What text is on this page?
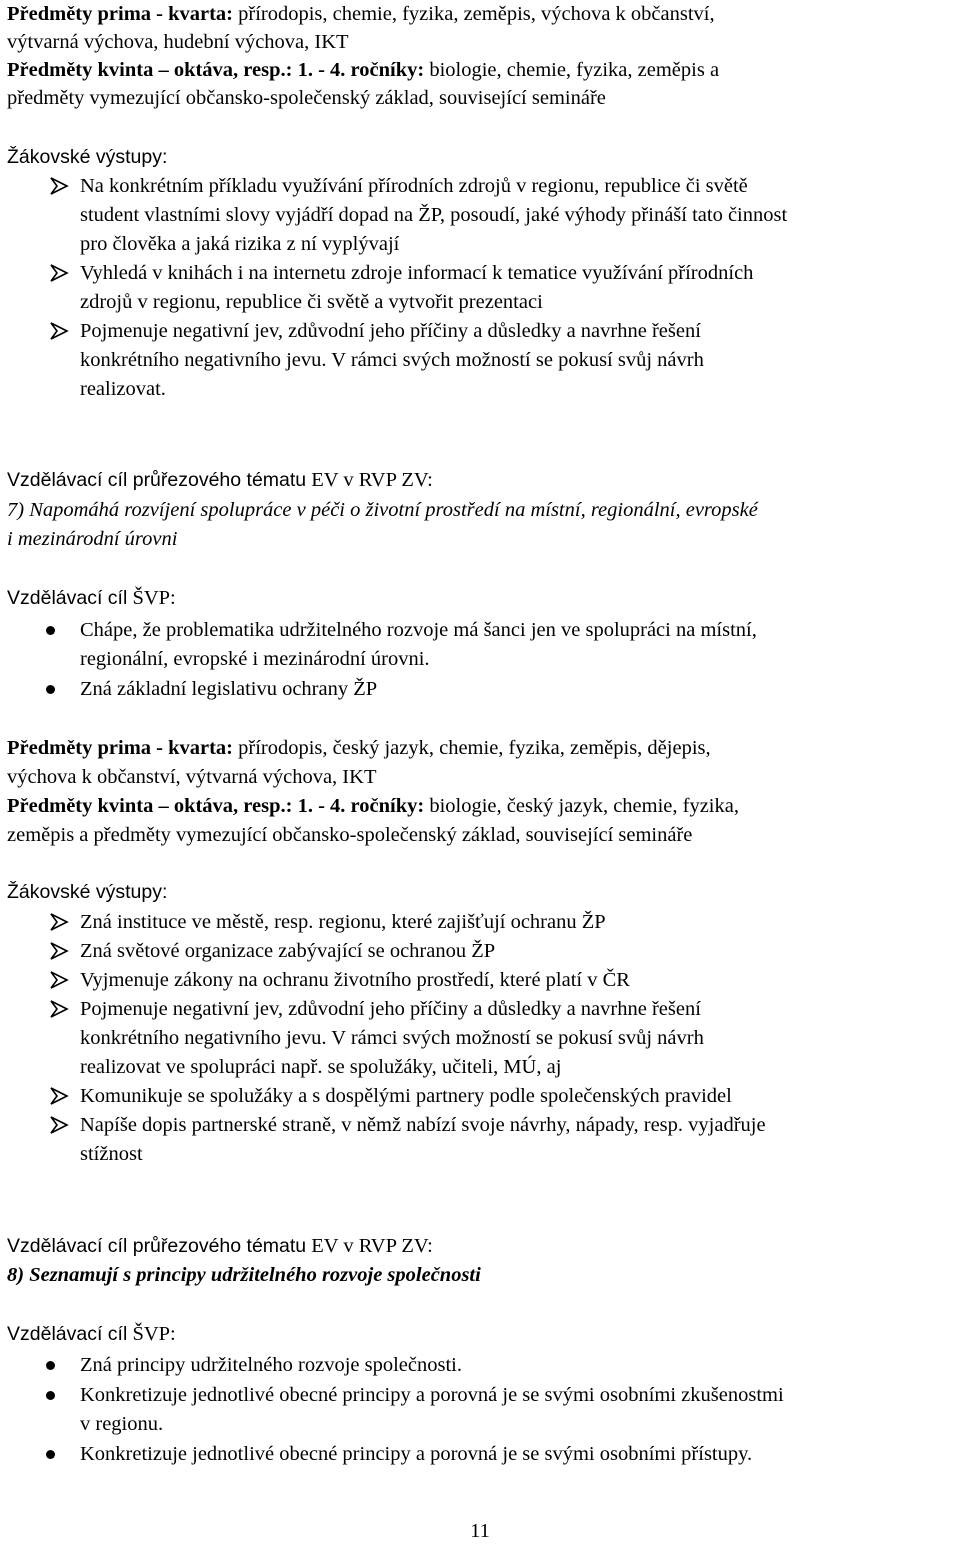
Předměty prima - kvarta: přírodopis, chemie, fyzika, zeměpis, výchova k občanství,
výtvarná výchova, hudební výchova, IKT
Předměty kvinta – oktáva, resp.: 1. - 4. ročníky: biologie, chemie, fyzika, zeměpis a
předměty vymezující občansko-společenský základ, související semináře
Žákovské výstupy:
Na konkrétním příkladu využívání přírodních zdrojů v regionu, republice či světě
student vlastními slovy vyjádří dopad na ŽP, posoudí, jaké výhody přináší tato činnost
pro člověka a jaká rizika z ní vyplývají
Vyhledá v knihách i na internetu zdroje informací k tematice využívání přírodních
zdrojů v regionu, republice či světě a vytvořit prezentaci
Pojmenuje negativní jev, zdůvodní jeho příčiny a důsledky a navrhne řešení
konkrétního negativního jevu. V rámci svých možností se pokusí svůj návrh
realizovat.
Vzdělávací cíl průřezového tématu EV v RVP ZV:
7) Napomáhá rozvíjení spolupráce v péči o životní prostředí na místní, regionální, evropské
i mezinárodní úrovni
Vzdělávací cíl ŠVP:
Chápe, že problematika udržitelného rozvoje má šanci jen ve spolupráci na místní,
regionální, evropské i mezinárodní úrovni.
Zná základní legislativu ochrany ŽP
Předměty prima - kvarta: přírodopis, český jazyk, chemie, fyzika, zeměpis, dějepis,
výchova k občanství, výtvarná výchova, IKT
Předměty kvinta – oktáva, resp.: 1. - 4. ročníky: biologie, český jazyk, chemie, fyzika,
zeměpis a předměty vymezující občansko-společenský základ, související semináře
Žákovské výstupy:
Zná instituce ve městě, resp. regionu, které zajišťují ochranu ŽP
Zná světové organizace zabývající se ochranou ŽP
Vyjmenuje zákony na ochranu životního prostředí, které platí v ČR
Pojmenuje negativní jev, zdůvodní jeho příčiny a důsledky a navrhne řešení
konkrétního negativního jevu. V rámci svých možností se pokusí svůj návrh
realizovat ve spolupráci např. se spolužáky, učiteli, MÚ, aj
Komunikuje se spolužáky a s dospělými partnery podle společenských pravidel
Napíše dopis partnerské straně, v němž nabízí svoje návrhy, nápady, resp. vyjadřuje
stížnost
Vzdělávací cíl průřezového tématu EV v RVP ZV:
8) Seznamují s principy udržitelného rozvoje společnosti
Vzdělávací cíl ŠVP:
Zná principy udržitelného rozvoje společnosti.
Konkretizuje jednotlivé obecné principy a porovná je se svými osobními zkušenostmi
v regionu.
Konkretizuje jednotlivé obecné principy a porovná je se svými osobními přístupy.
11
